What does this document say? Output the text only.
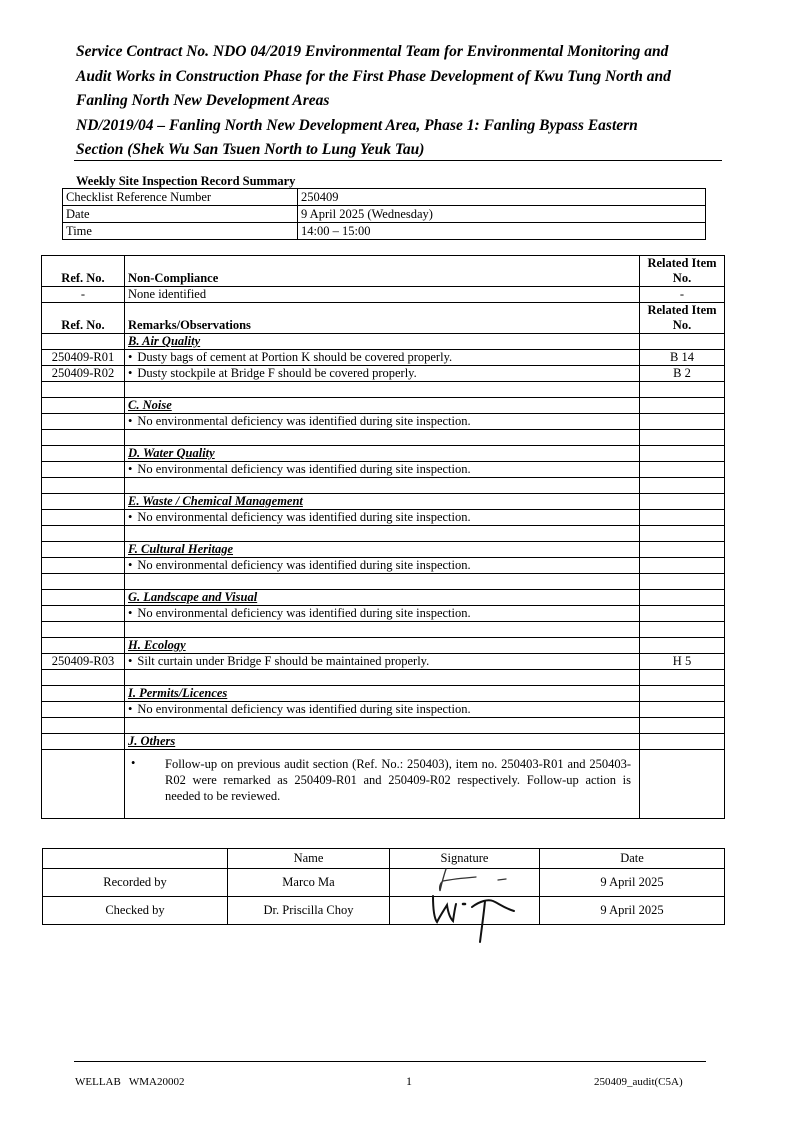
Service Contract No. NDO 04/2019 Environmental Team for Environmental Monitoring and
Audit Works in Construction Phase for the First Phase Development of Kwu Tung North and
Fanling North New Development Areas
ND/2019/04 – Fanling North New Development Area, Phase 1: Fanling Bypass Eastern
Section (Shek Wu San Tsuen North to Lung Yeuk Tau)
Weekly Site Inspection Record Summary
Checklist Reference Number	250409
Date	9 April 2025 (Wednesday)
Time	14:00 – 15:00
Ref. No.	Non-Compliance	Related Item No.
-	None identified	-
Ref. No.	Remarks/Observations	Related Item No.
	B. Air Quality	
250409-R01	• Dusty bags of cement at Portion K should be covered properly.	B 14
250409-R02	• Dusty stockpile at Bridge F should be covered properly.	B 2

	C. Noise	
	• No environmental deficiency was identified during site inspection.	

	D. Water Quality	
	• No environmental deficiency was identified during site inspection.	

	E. Waste / Chemical Management	
	• No environmental deficiency was identified during site inspection.	

	F. Cultural Heritage	
	• No environmental deficiency was identified during site inspection.	

	G. Landscape and Visual	
	• No environmental deficiency was identified during site inspection.	

	H. Ecology	
250409-R03	• Silt curtain under Bridge F should be maintained properly.	H 5

	I. Permits/Licences	
	• No environmental deficiency was identified during site inspection.	

	J. Others	

	• Follow-up on previous audit section (Ref. No.: 250403), item no. 250403-R01 and 250403-R02 were remarked as 250409-R01 and 250409-R02 respectively. Follow-up action is needed to be reviewed.	

	Name	Signature	Date
Recorded by	Marco Ma		9 April 2025
Checked by	Dr. Priscilla Choy		9 April 2025
WELLAB   WMA20002	1	250409_audit(C5A)
